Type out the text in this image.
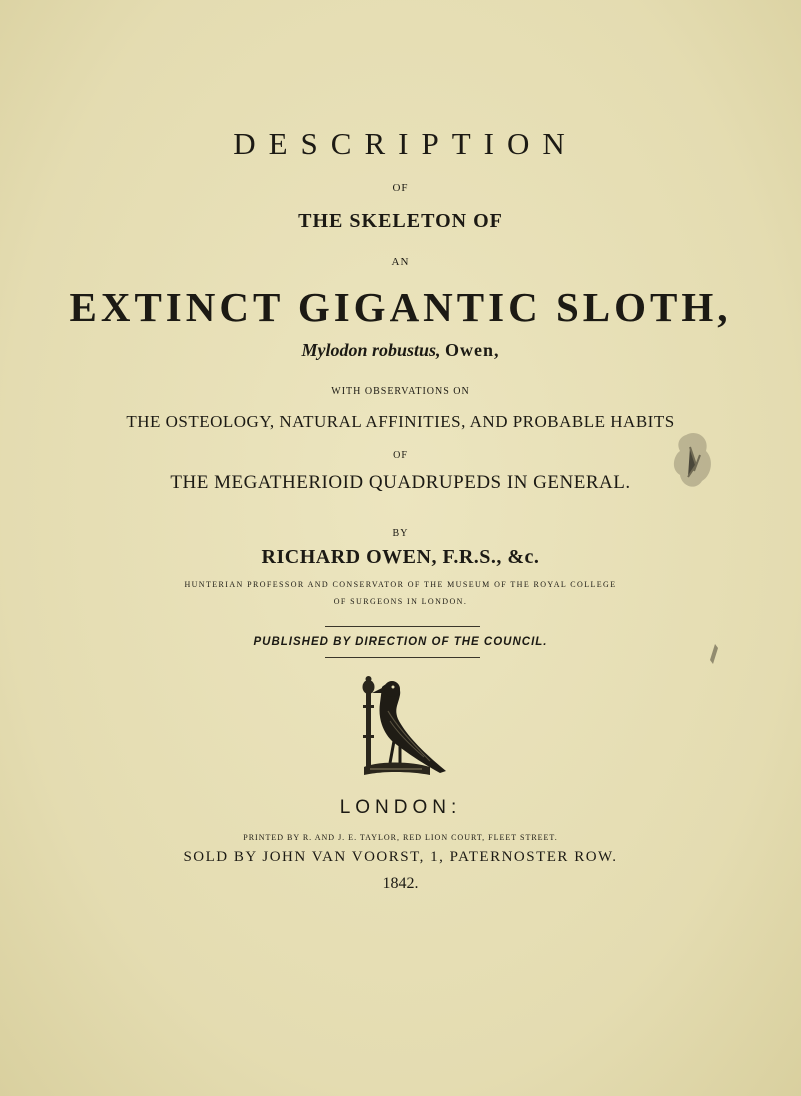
DESCRIPTION
OF
THE SKELETON OF
AN
EXTINCT GIGANTIC SLOTH,
Mylodon robustus, Owen,
WITH OBSERVATIONS ON
THE OSTEOLOGY, NATURAL AFFINITIES, AND PROBABLE HABITS
OF
THE MEGATHERIOID QUADRUPEDS IN GENERAL.
BY
RICHARD OWEN, F.R.S., &c.
HUNTERIAN PROFESSOR AND CONSERVATOR OF THE MUSEUM OF THE ROYAL COLLEGE
OF SURGEONS IN LONDON.
PUBLISHED BY DIRECTION OF THE COUNCIL.
LONDON:
PRINTED BY R. AND J. E. TAYLOR, RED LION COURT, FLEET STREET.
SOLD BY JOHN VAN VOORST, 1, PATERNOSTER ROW.
1842.
